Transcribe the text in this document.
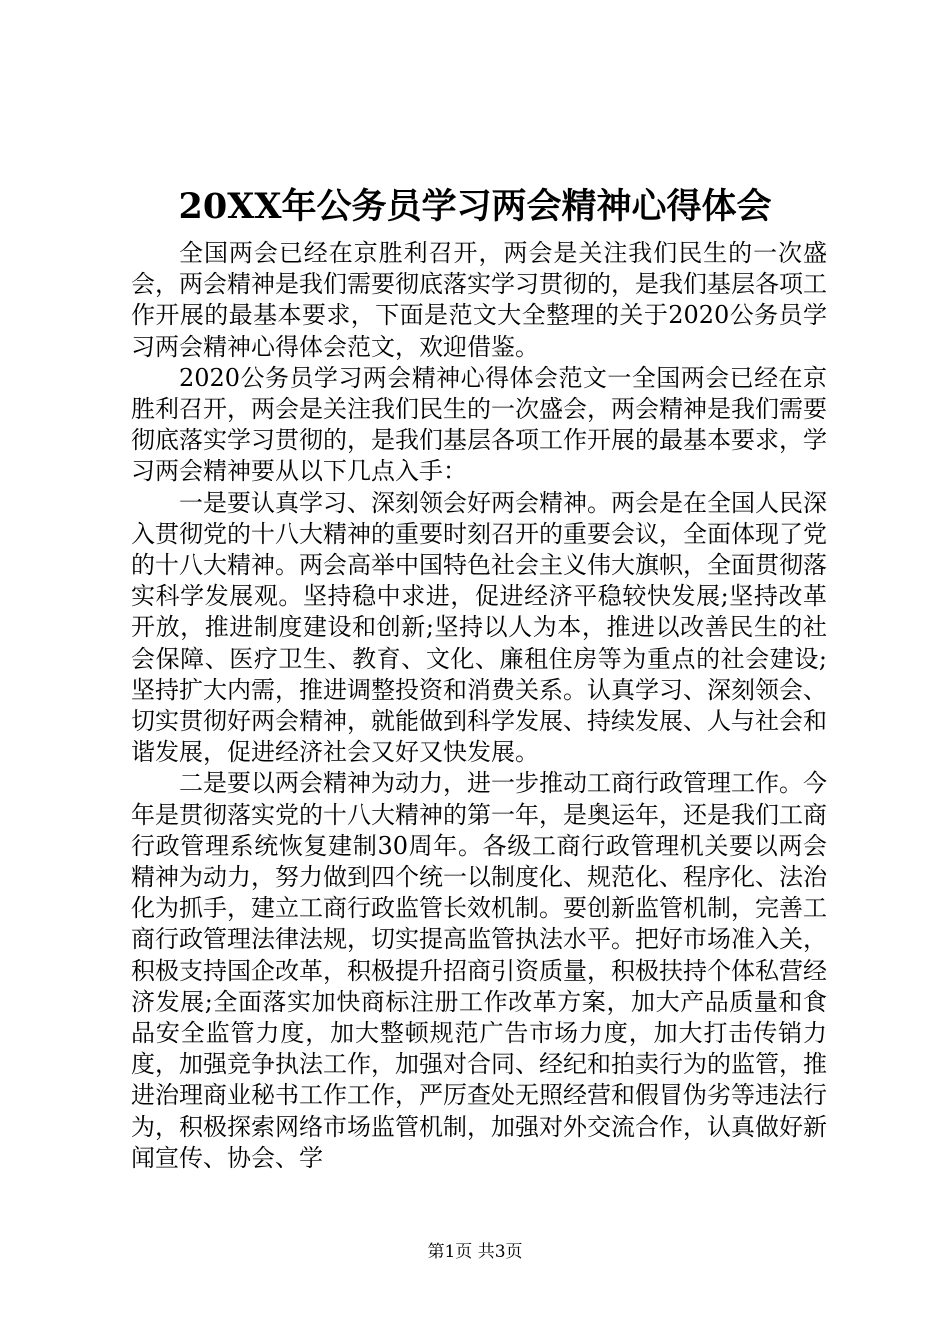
20XX年公务员学习两会精神心得体会

全国两会已经在京胜利召开，两会是关注我们民生的一次盛会，两会精神是我们需要彻底落实学习贯彻的，是我们基层各项工作开展的最基本要求，下面是范文大全整理的关于2020公务员学习两会精神心得体会范文，欢迎借鉴。

2020公务员学习两会精神心得体会范文一全国两会已经在京胜利召开，两会是关注我们民生的一次盛会，两会精神是我们需要彻底落实学习贯彻的，是我们基层各项工作开展的最基本要求，学习两会精神要从以下几点入手：

一是要认真学习、深刻领会好两会精神。两会是在全国人民深入贯彻党的十八大精神的重要时刻召开的重要会议，全面体现了党的十八大精神。两会高举中国特色社会主义伟大旗帜，全面贯彻落实科学发展观。坚持稳中求进，促进经济平稳较快发展;坚持改革开放，推进制度建设和创新;坚持以人为本，推进以改善民生的社会保障、医疗卫生、教育、文化、廉租住房等为重点的社会建设;坚持扩大内需，推进调整投资和消费关系。认真学习、深刻领会、切实贯彻好两会精神，就能做到科学发展、持续发展、人与社会和谐发展，促进经济社会又好又快发展。

二是要以两会精神为动力，进一步推动工商行政管理工作。今年是贯彻落实党的十八大精神的第一年，是奥运年，还是我们工商行政管理系统恢复建制30周年。各级工商行政管理机关要以两会精神为动力，努力做到四个统一以制度化、规范化、程序化、法治化为抓手，建立工商行政监管长效机制。要创新监管机制，完善工商行政管理法律法规，切实提高监管执法水平。把好市场准入关，积极支持国企改革，积极提升招商引资质量，积极扶持个体私营经济发展;全面落实加快商标注册工作改革方案，加大产品质量和食品安全监管力度，加大整顿规范广告市场力度，加大打击传销力度，加强竞争执法工作，加强对合同、经纪和拍卖行为的监管，推进治理商业秘书工作工作，严厉查处无照经营和假冒伪劣等违法行为，积极探索网络市场监管机制，加强对外交流合作，认真做好新闻宣传、协会、学

第1页 共3页
